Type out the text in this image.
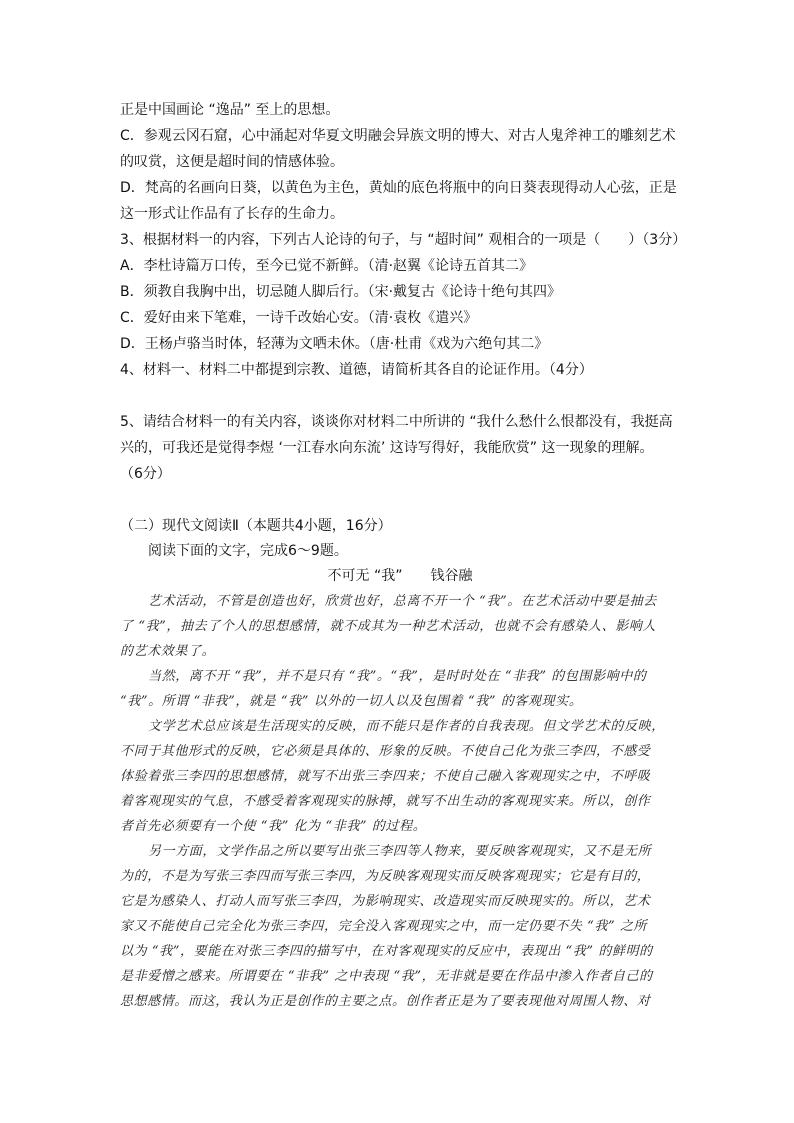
正是中国画论 “逸品” 至上的思想。
C．参观云冈石窟，心中涌起对华夏文明融会异族文明的博大、对古人鬼斧神工的雕刻艺术
的叹赏，这便是超时间的情感体验。
D．梵高的名画向日葵，以黄色为主色，黄灿的底色将瓶中的向日葵表现得动人心弦，正是
这一形式让作品有了长存的生命力。
3、根据材料一的内容，下列古人论诗的句子，与 “超时间” 观相合的一项是（　　）（3分）
A．李杜诗篇万口传，至今已觉不新鲜。（清·赵翼《论诗五首其二》
B．须教自我胸中出，切忌随人脚后行。（宋·戴复古《论诗十绝句其四》
C．爱好由来下笔难，一诗千改始心安。（清·袁枚《遣兴》
D．王杨卢骆当时体，轻薄为文哂未休。（唐·杜甫《戏为六绝句其二》
4、材料一、材料二中都提到宗教、道德，请简析其各自的论证作用。（4分）
5、请结合材料一的有关内容，谈谈你对材料二中所讲的 “我什么愁什么恨都没有，我挺高
兴的，可我还是觉得李煜 ‘一江春水向东流’ 这诗写得好，我能欣赏” 这一现象的理解。
（6分）
（二）现代文阅读Ⅱ（本题共4小题，16分）
阅读下面的文字，完成6～9题。
不可无 “我”　　钱谷融
艺术活动，不管是创造也好，欣赏也好，总离不开一个 “我”。在艺术活动中要是抽去
了 “我”，抽去了个人的思想感情，就不成其为一种艺术活动，也就不会有感染人、影响人
的艺术效果了。
当然，离不开 “我”，并不是只有 “我”。“我”，是时时处在 “非我” 的包围影响中的
“我”。所谓 “非我”，就是 “我” 以外的一切人以及包围着 “我” 的客观现实。
文学艺术总应该是生活现实的反映，而不能只是作者的自我表现。但文学艺术的反映，
不同于其他形式的反映，它必须是具体的、形象的反映。不使自己化为张三李四，不感受
体验着张三李四的思想感情，就写不出张三李四来；不使自己融入客观现实之中，不呼吸
着客观现实的气息，不感受着客观现实的脉搏，就写不出生动的客观现实来。所以，创作
者首先必须要有一个使 “我” 化为 “非我” 的过程。
另一方面，文学作品之所以要写出张三李四等人物来，要反映客观现实，又不是无所
为的，不是为写张三李四而写张三李四，为反映客观现实而反映客观现实；它是有目的，
它是为感染人、打动人而写张三李四，为影响现实、改造现实而反映现实的。所以，艺术
家又不能使自己完全化为张三李四，完全没入客观现实之中，而一定仍要不失 “我” 之所
以为 “我”，要能在对张三李四的描写中，在对客观现实的反应中，表现出 “我” 的鲜明的
是非爱憎之感来。所谓要在 “非我” 之中表现 “我”，无非就是要在作品中渗入作者自己的
思想感情。而这，我认为正是创作的主要之点。创作者正是为了要表现他对周围人物、对
